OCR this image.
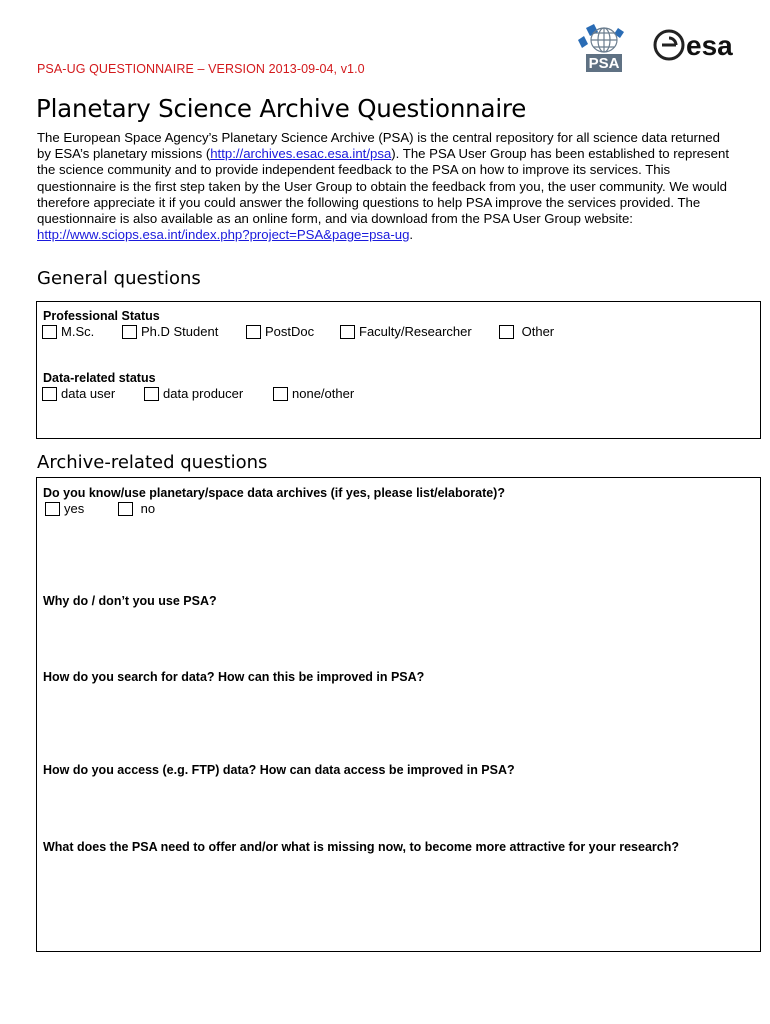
PSA-UG QUESTIONNAIRE – VERSION 2013-09-04, v1.0	PSA
esa
Planetary Science Archive Questionnaire

The European Space Agency’s Planetary Science Archive (PSA) is the central repository for all science data returned by ESA’s planetary missions (http://archives.esac.esa.int/psa). The PSA User Group has been established to represent the science community and to provide independent feedback to the PSA on how to improve its services. This questionnaire is the first step taken by the User Group to obtain the feedback from you, the user community. We would therefore appreciate it if you could answer the following questions to help PSA improve the services provided. The questionnaire is also available as an online form, and via download from the PSA User Group website: http://www.sciops.esa.int/index.php?project=PSA&page=psa-ug.

General questions
Professional Status
M.Sc.	Ph.D Student	PostDoc	Faculty/Researcher
	Other
Data-related status
data user	data producer	none/other
Archive-related questions
Do you know/use planetary/space data archives (if yes, please list/elaborate)?
yes
	no
Why do / don’t you use PSA?
How do you search for data? How can this be improved in PSA?
How do you access (e.g. FTP) data? How can data access be improved in PSA?
What does the PSA need to offer and/or what is missing now, to become more attractive for your research?
